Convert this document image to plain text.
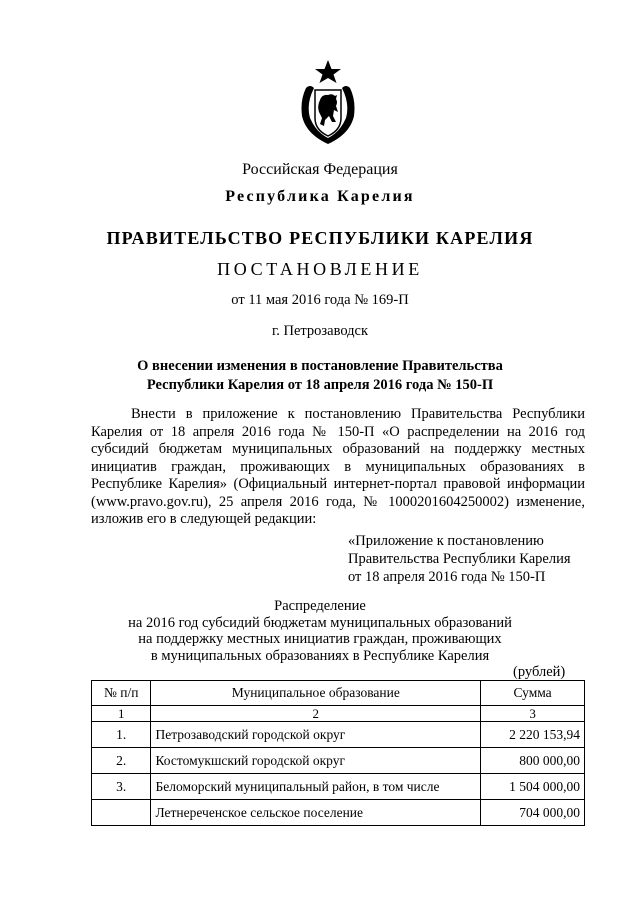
Российская Федерация
Республика Карелия
ПРАВИТЕЛЬСТВО РЕСПУБЛИКИ КАРЕЛИЯ
ПОСТАНОВЛЕНИЕ
от 11 мая 2016 года № 169-П
г. Петрозаводск
О внесении изменения в постановление Правительства
Республики Карелия от 18 апреля 2016 года № 150-П

Внести в приложение к постановлению Правительства Республики Карелия от 18 апреля 2016 года № 150-П «О распределении на 2016 год субсидий бюджетам муниципальных образований на поддержку местных инициатив граждан, проживающих в муниципальных образованиях в Республике Карелия» (Официальный интернет-портал правовой информации (www.pravo.gov.ru), 25 апреля 2016 года, № 1000201604250002) изменение, изложив его в следующей редакции:

«Приложение к постановлению
Правительства Республики Карелия
от 18 апреля 2016 года № 150-П
Распределение
на 2016 год субсидий бюджетам муниципальных образований
на поддержку местных инициатив граждан, проживающих
в муниципальных образованиях в Республике Карелия
(рублей)
№ п/п	Муниципальное образование	Сумма
1	2	3
1.	Петрозаводский городской округ	2 220 153,94
2.	Костомукшский городской округ	800 000,00
3.	Беломорский муниципальный район, в том числе	1 504 000,00
	Летнереченское сельское поселение	704 000,00
